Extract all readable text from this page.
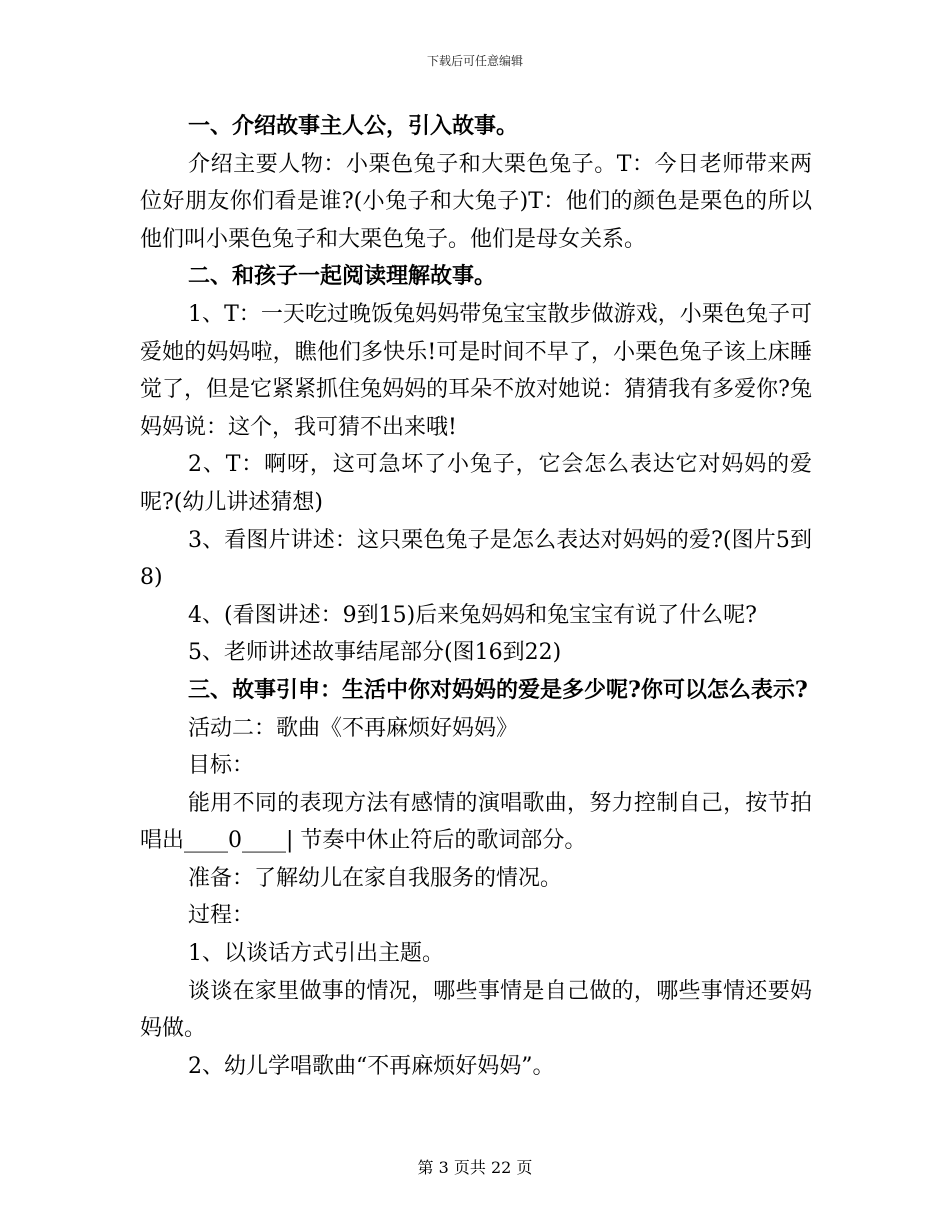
下载后可任意编辑

一、介绍故事主人公，引入故事。

介绍主要人物：小栗色兔子和大栗色兔子。T：今日老师带来两位好朋友你们看是谁?(小兔子和大兔子)T：他们的颜色是栗色的所以他们叫小栗色兔子和大栗色兔子。他们是母女关系。

二、和孩子一起阅读理解故事。

1、T：一天吃过晚饭兔妈妈带兔宝宝散步做游戏，小栗色兔子可爱她的妈妈啦，瞧他们多快乐!可是时间不早了，小栗色兔子该上床睡觉了，但是它紧紧抓住兔妈妈的耳朵不放对她说：猜猜我有多爱你?兔妈妈说：这个，我可猜不出来哦!

2、T：啊呀，这可急坏了小兔子，它会怎么表达它对妈妈的爱呢?(幼儿讲述猜想)

3、看图片讲述：这只栗色兔子是怎么表达对妈妈的爱?(图片5到8)

4、(看图讲述：9到15)后来兔妈妈和兔宝宝有说了什么呢?

5、老师讲述故事结尾部分(图16到22)

三、故事引申：生活中你对妈妈的爱是多少呢?你可以怎么表示?

活动二：歌曲《不再麻烦好妈妈》

目标：

能用不同的表现方法有感情的演唱歌曲，努力控制自己，按节拍唱出____0____| 节奏中休止符后的歌词部分。

准备：了解幼儿在家自我服务的情况。

过程：

1、以谈话方式引出主题。

谈谈在家里做事的情况，哪些事情是自己做的，哪些事情还要妈妈做。

2、幼儿学唱歌曲“不再麻烦好妈妈”。

第 3 页共 22 页
